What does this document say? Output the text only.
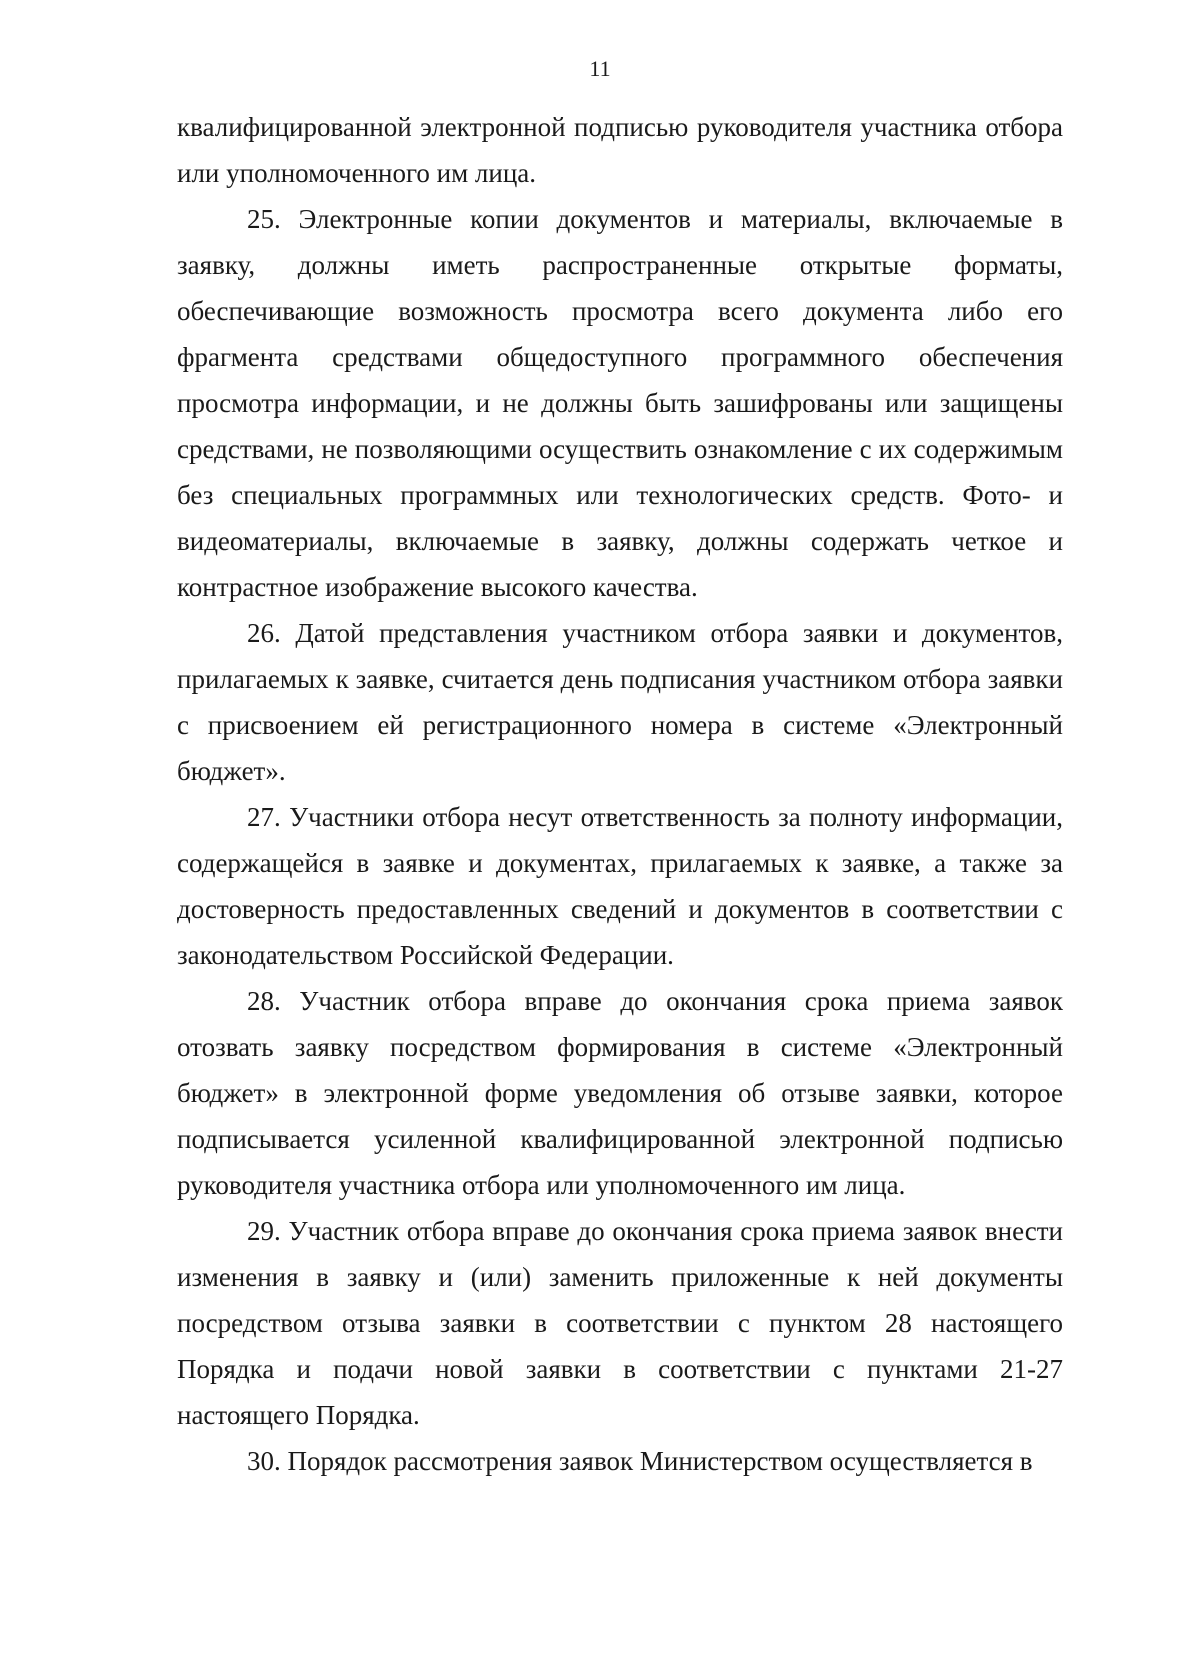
11

квалифицированной электронной подписью руководителя участника отбора или уполномоченного им лица.

25. Электронные копии документов и материалы, включаемые в заявку, должны иметь распространенные открытые форматы, обеспечивающие возможность просмотра всего документа либо его фрагмента средствами общедоступного программного обеспечения просмотра информации, и не должны быть зашифрованы или защищены средствами, не позволяющими осуществить ознакомление с их содержимым без специальных программных или технологических средств. Фото- и видеоматериалы, включаемые в заявку, должны содержать четкое и контрастное изображение высокого качества.

26. Датой представления участником отбора заявки и документов, прилагаемых к заявке, считается день подписания участником отбора заявки с присвоением ей регистрационного номера в системе «Электронный бюджет».

27. Участники отбора несут ответственность за полноту информации, содержащейся в заявке и документах, прилагаемых к заявке, а также за достоверность предоставленных сведений и документов в соответствии с законодательством Российской Федерации.

28. Участник отбора вправе до окончания срока приема заявок отозвать заявку посредством формирования в системе «Электронный бюджет» в электронной форме уведомления об отзыве заявки, которое подписывается усиленной квалифицированной электронной подписью руководителя участника отбора или уполномоченного им лица.

29. Участник отбора вправе до окончания срока приема заявок внести изменения в заявку и (или) заменить приложенные к ней документы посредством отзыва заявки в соответствии с пунктом 28 настоящего Порядка и подачи новой заявки в соответствии с пунктами 21-27 настоящего Порядка.

30. Порядок рассмотрения заявок Министерством осуществляется в
